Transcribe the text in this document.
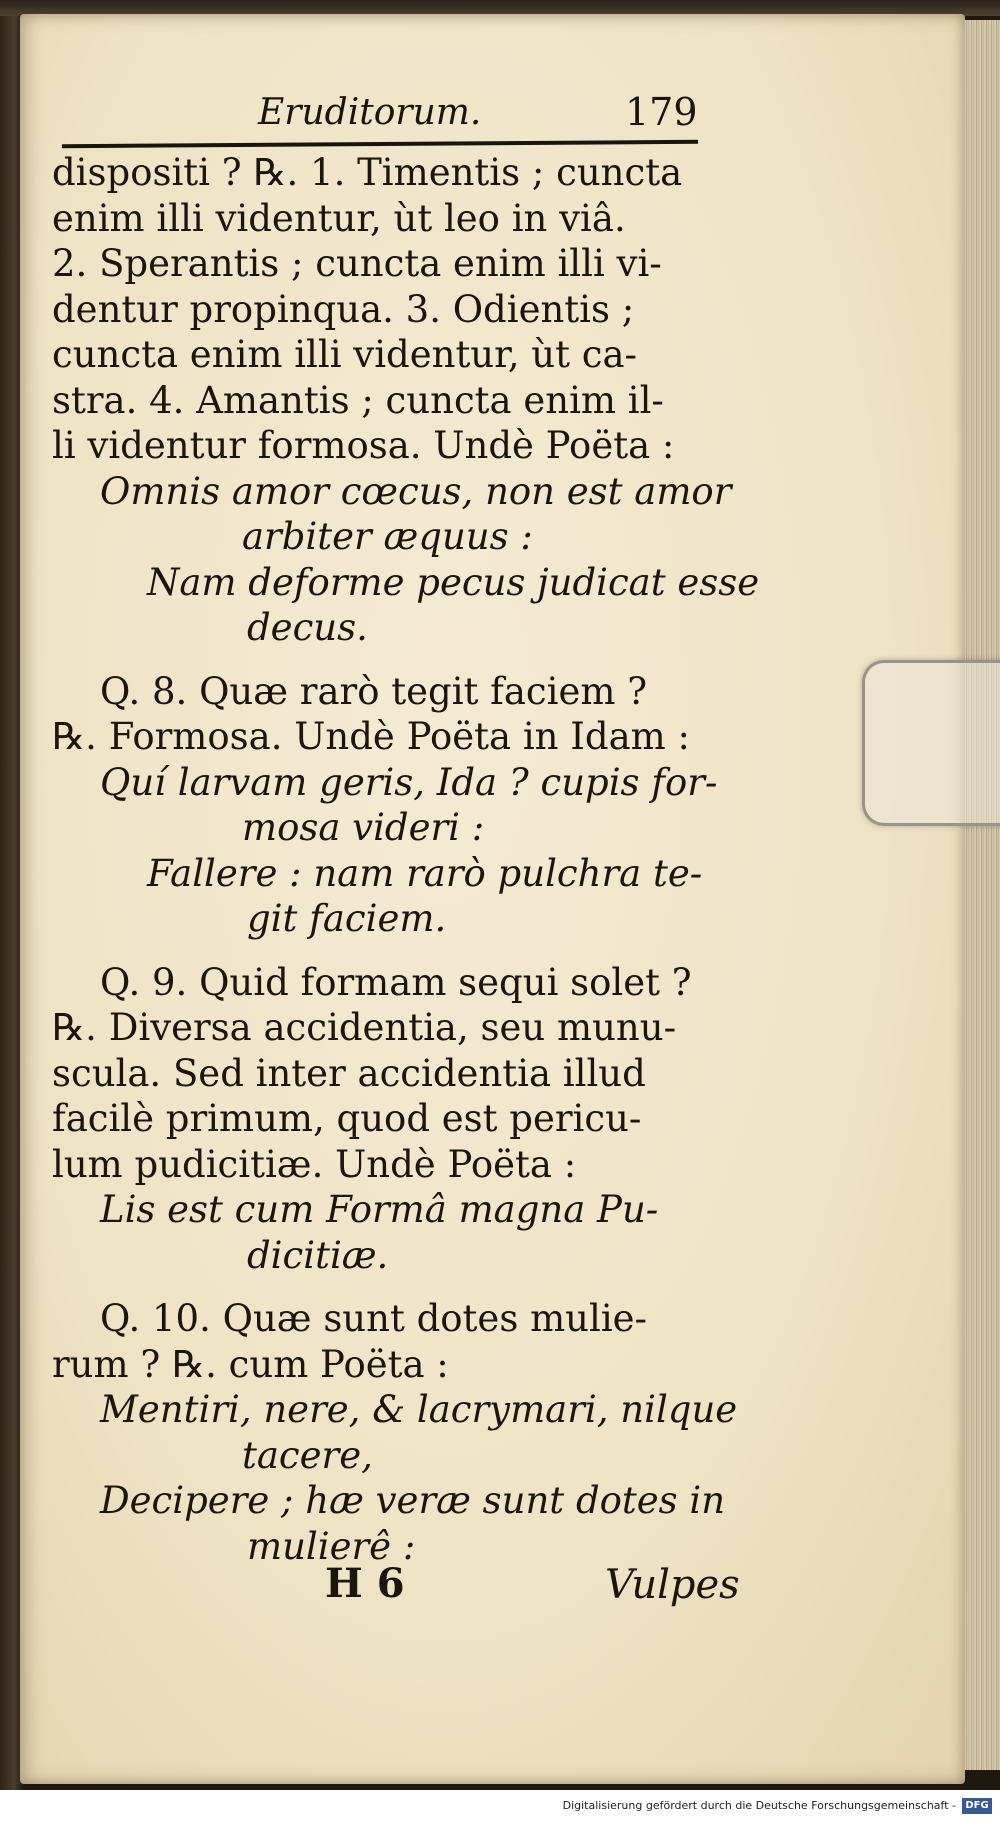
Eruditorum.	179
dispositi ? ℞. 1. Timentis ; cuncta
enim illi videntur, ùt leo in viâ.
2. Sperantis ; cuncta enim illi vi-
dentur propinqua. 3. Odientis ;
cuncta enim illi videntur, ùt ca-
stra. 4. Amantis ; cuncta enim il-
li videntur formosa. Undè Poëta :
Omnis amor cœcus, non est amor
arbiter æquus :
Nam deforme pecus judicat esse
decus.
Q. 8. Quæ rarò tegit faciem ?
℞. Formosa. Undè Poëta in Idam :
Quí larvam geris, Ida ? cupis for-
mosa videri :
Fallere : nam rarò pulchra te-
git faciem.
Q. 9. Quid formam sequi solet ?
℞. Diversa accidentia, seu munu-
scula. Sed inter accidentia illud
facilè primum, quod est pericu-
lum pudicitiæ. Undè Poëta :
Lis est cum Formâ magna Pu-
dicitiæ.
Q. 10. Quæ sunt dotes mulie-
rum ? ℞. cum Poëta :
Mentiri, nere, & lacrymari, nilque
tacere,
Decipere ; hæ veræ sunt dotes in
mulierê :
H 6	Vulpes
Digitalisierung gefördert durch die Deutsche Forschungsgemeinschaft - DFG
